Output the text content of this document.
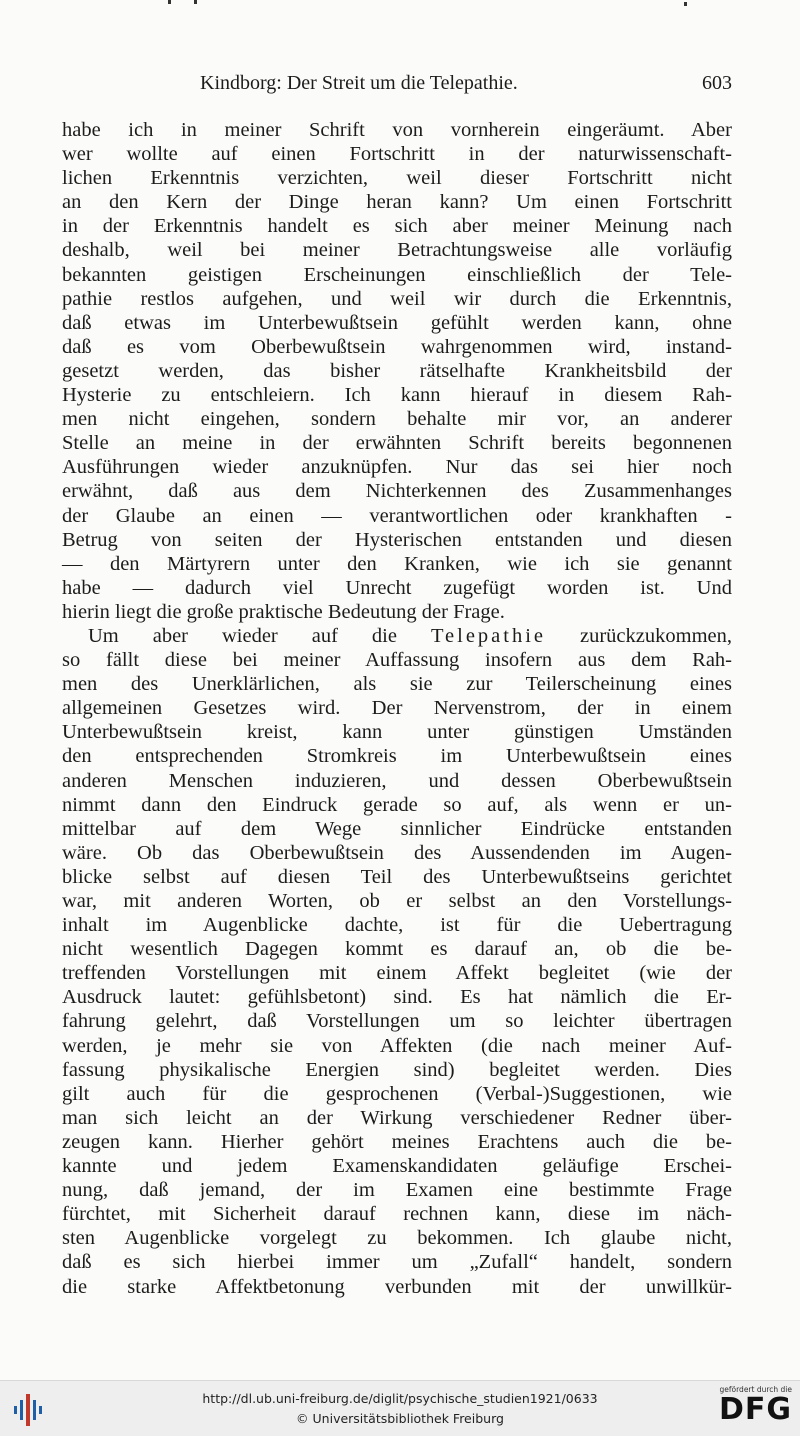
Kindborg: Der Streit um die Telepathie.	603
habe ich in meiner Schrift von vornherein eingeräumt. Aber
wer wollte auf einen Fortschritt in der naturwissenschaft-
lichen Erkenntnis verzichten, weil dieser Fortschritt nicht
an den Kern der Dinge heran kann? Um einen Fortschritt
in der Erkenntnis handelt es sich aber meiner Meinung nach
deshalb, weil bei meiner Betrachtungsweise alle vorläufig
bekannten geistigen Erscheinungen einschließlich der Tele-
pathie restlos aufgehen, und weil wir durch die Erkenntnis,
daß etwas im Unterbewußtsein gefühlt werden kann, ohne
daß es vom Oberbewußtsein wahrgenommen wird, instand-
gesetzt werden, das bisher rätselhafte Krankheitsbild der
Hysterie zu entschleiern. Ich kann hierauf in diesem Rah-
men nicht eingehen, sondern behalte mir vor, an anderer
Stelle an meine in der erwähnten Schrift bereits begonnenen
Ausführungen wieder anzuknüpfen. Nur das sei hier noch
erwähnt, daß aus dem Nichterkennen des Zusammenhanges
der Glaube an einen — verantwortlichen oder krankhaften -
Betrug von seiten der Hysterischen entstanden und diesen
— den Märtyrern unter den Kranken, wie ich sie genannt
habe — dadurch viel Unrecht zugefügt worden ist. Und
hierin liegt die große praktische Bedeutung der Frage.
Um aber wieder auf die Telepathie zurückzukommen,
so fällt diese bei meiner Auffassung insofern aus dem Rah-
men des Unerklärlichen, als sie zur Teilerscheinung eines
allgemeinen Gesetzes wird. Der Nervenstrom, der in einem
Unterbewußtsein kreist, kann unter günstigen Umständen
den entsprechenden Stromkreis im Unterbewußtsein eines
anderen Menschen induzieren, und dessen Oberbewußtsein
nimmt dann den Eindruck gerade so auf, als wenn er un-
mittelbar auf dem Wege sinnlicher Eindrücke entstanden
wäre. Ob das Oberbewußtsein des Aussendenden im Augen-
blicke selbst auf diesen Teil des Unterbewußtseins gerichtet
war, mit anderen Worten, ob er selbst an den Vorstellungs-
inhalt im Augenblicke dachte, ist für die Uebertragung
nicht wesentlich Dagegen kommt es darauf an, ob die be-
treffenden Vorstellungen mit einem Affekt begleitet (wie der
Ausdruck lautet: gefühlsbetont) sind. Es hat nämlich die Er-
fahrung gelehrt, daß Vorstellungen um so leichter übertragen
werden, je mehr sie von Affekten (die nach meiner Auf-
fassung physikalische Energien sind) begleitet werden. Dies
gilt auch für die gesprochenen (Verbal-)Suggestionen, wie
man sich leicht an der Wirkung verschiedener Redner über-
zeugen kann. Hierher gehört meines Erachtens auch die be-
kannte und jedem Examenskandidaten geläufige Erschei-
nung, daß jemand, der im Examen eine bestimmte Frage
fürchtet, mit Sicherheit darauf rechnen kann, diese im näch-
sten Augenblicke vorgelegt zu bekommen. Ich glaube nicht,
daß es sich hierbei immer um „Zufall“ handelt, sondern
die starke Affektbetonung verbunden mit der unwillkür-
http://dl.ub.uni-freiburg.de/diglit/psychische_studien1921/0633
© Universitätsbibliothek Freiburg
gefördert durch die
DFG
